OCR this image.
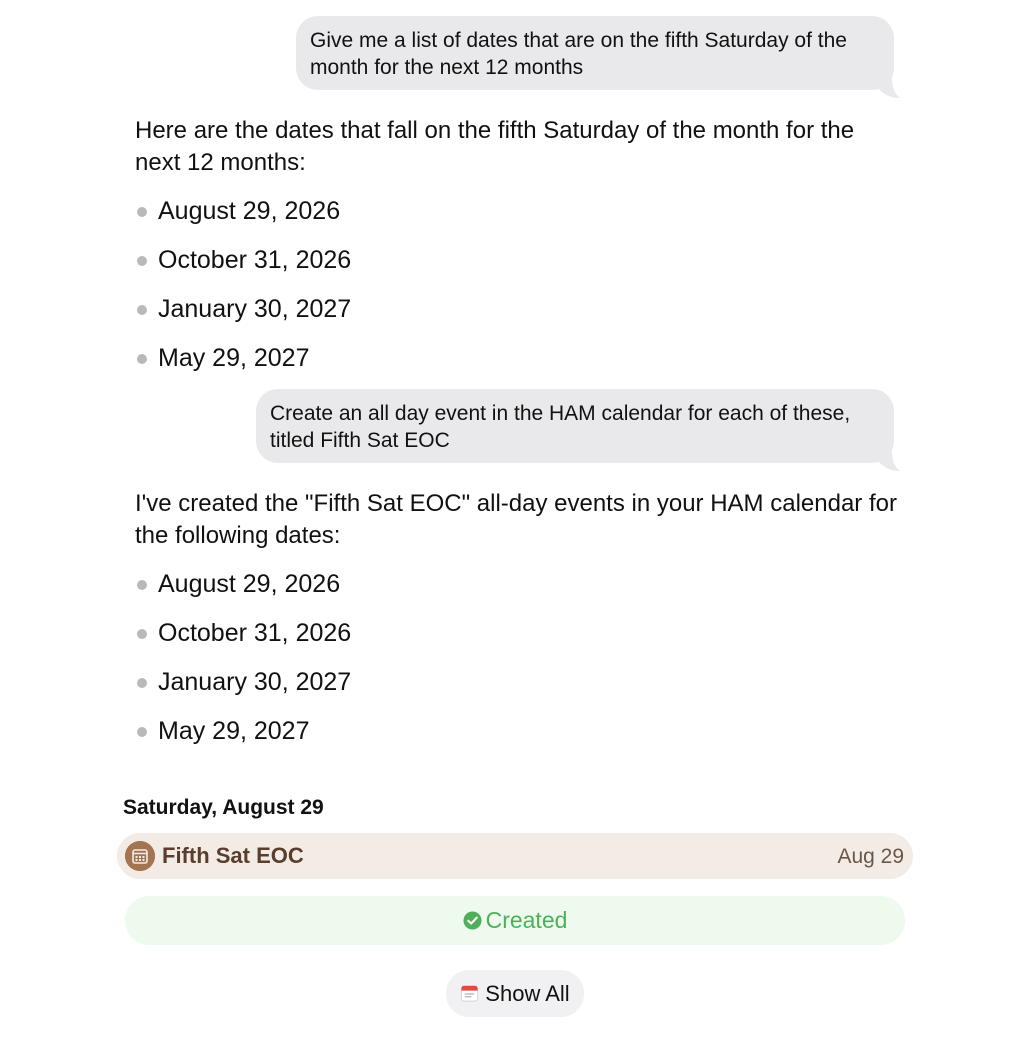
Give me a list of dates that are on the fifth Saturday of the
month for the next 12 months
Here are the dates that fall on the fifth Saturday of the month for the next 12 months:
August 29, 2026
October 31, 2026
January 30, 2027
May 29, 2027
Create an all day event in the HAM calendar for each of these,
titled Fifth Sat EOC
I've created the "Fifth Sat EOC" all-day events in your HAM calendar for the following dates:
August 29, 2026
October 31, 2026
January 30, 2027
May 29, 2027
Saturday, August 29
Fifth Sat EOC	Aug 29
Created
Show All
